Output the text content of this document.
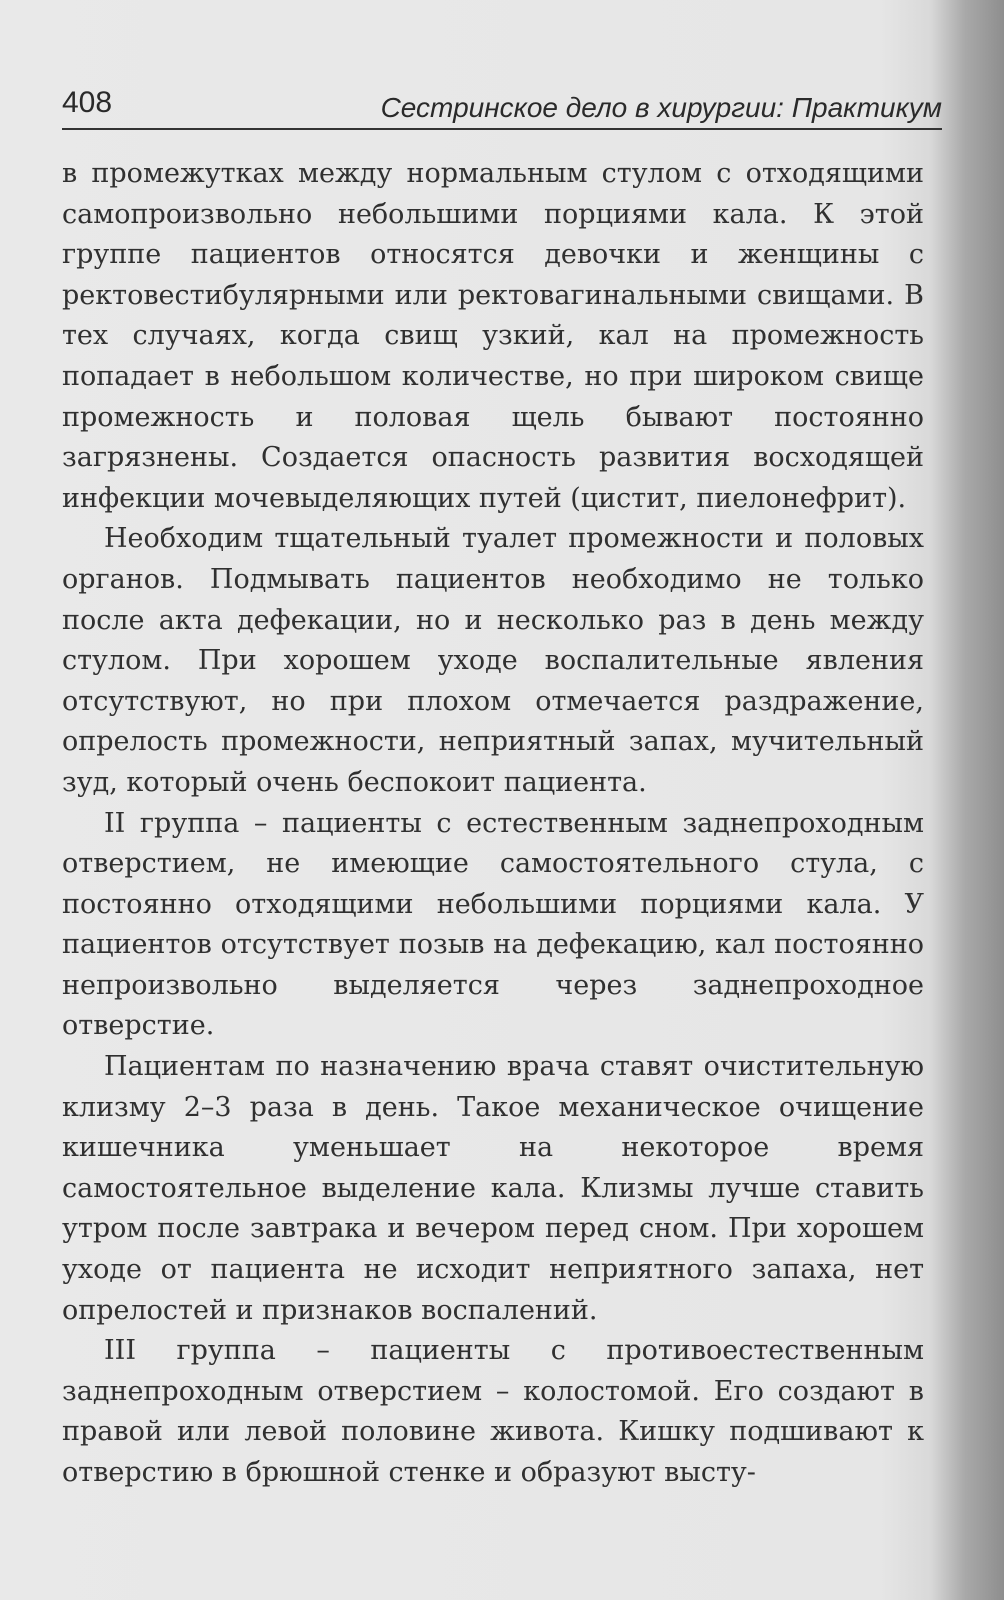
408	Сестринское дело в хирургии: Практикум

в промежутках между нормальным стулом с отходящими самопроизвольно небольшими порциями кала. К этой группе пациентов относятся девочки и женщины с ректовестибулярными или ректовагинальными свищами. В тех случаях, когда свищ узкий, кал на промежность попадает в небольшом количестве, но при широком свище промежность и половая щель бывают постоянно загрязнены. Создается опасность развития восходящей инфекции мочевыделяющих путей (цистит, пиелонефрит).

Необходим тщательный туалет промежности и половых органов. Подмывать пациентов необходимо не только после акта дефекации, но и несколько раз в день между стулом. При хорошем уходе воспалительные явления отсутствуют, но при плохом отмечается раздражение, опрелость промежности, неприятный запах, мучительный зуд, который очень беспокоит пациента.

II группа – пациенты с естественным заднепроходным отверстием, не имеющие самостоятельного стула, с постоянно отходящими небольшими порциями кала. У пациентов отсутствует позыв на дефекацию, кал постоянно непроизвольно выделяется через заднепроходное отверстие.

Пациентам по назначению врача ставят очистительную клизму 2–3 раза в день. Такое механическое очищение кишечника уменьшает на некоторое время самостоятельное выделение кала. Клизмы лучше ставить утром после завтрака и вечером перед сном. При хорошем уходе от пациента не исходит неприятного запаха, нет опрелостей и признаков воспалений.

III группа – пациенты с противоестественным заднепроходным отверстием – колостомой. Его создают в правой или левой половине живота. Кишку подшивают к отверстию в брюшной стенке и образуют высту-
